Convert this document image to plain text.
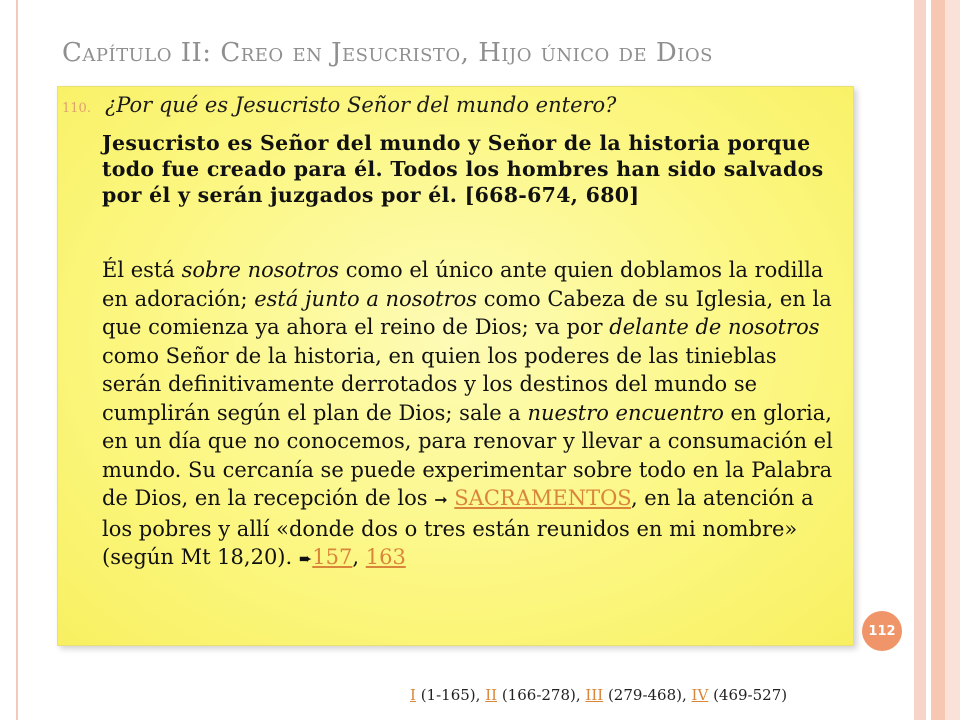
Capítulo II: Creo en Jesucristo, Hijo único de Dios
110. ¿Por qué es Jesucristo Señor del mundo entero?
Jesucristo es Señor del mundo y Señor de la historia porque todo fue creado para él. Todos los hombres han sido salvados por él y serán juzgados por él. [668-674, 680]
Él está sobre nosotros como el único ante quien doblamos la rodilla en adoración; está junto a nosotros como Cabeza de su Iglesia, en la que comienza ya ahora el reino de Dios; va por delante de nosotros como Señor de la historia, en quien los poderes de las tinieblas serán definitivamente derrotados y los destinos del mundo se cumplirán según el plan de Dios; sale a nuestro encuentro en gloria, en un día que no conocemos, para renovar y llevar a consumación el mundo. Su cercanía se puede experimentar sobre todo en la Palabra de Dios, en la recepción de los ➞ SACRAMENTOS, en la atención a los pobres y allí «donde dos o tres están reunidos en mi nombre» (según Mt 18,20). ➨157, 163
112
I (1-165), II (166-278), III (279-468), IV (469-527)
